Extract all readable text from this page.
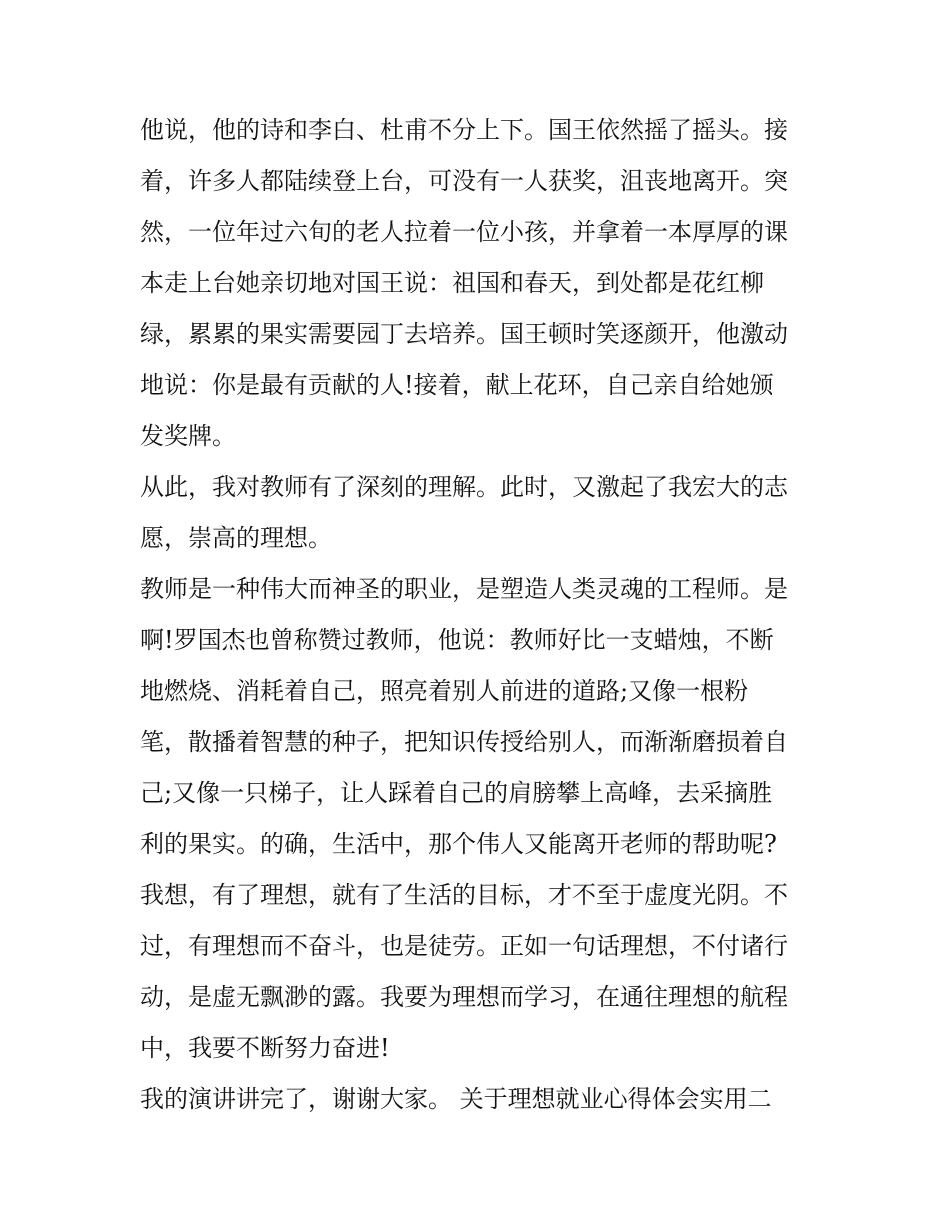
他说，他的诗和李白、杜甫不分上下。国王依然摇了摇头。接
着，许多人都陆续登上台，可没有一人获奖，沮丧地离开。突
然，一位年过六旬的老人拉着一位小孩，并拿着一本厚厚的课
本走上台她亲切地对国王说：祖国和春天，到处都是花红柳
绿，累累的果实需要园丁去培养。国王顿时笑逐颜开，他激动
地说：你是最有贡献的人!接着，献上花环，自己亲自给她颁
发奖牌。
从此，我对教师有了深刻的理解。此时，又激起了我宏大的志
愿，崇高的理想。
教师是一种伟大而神圣的职业，是塑造人类灵魂的工程师。是
啊!罗国杰也曾称赞过教师，他说：教师好比一支蜡烛，不断
地燃烧、消耗着自己，照亮着别人前进的道路;又像一根粉
笔，散播着智慧的种子，把知识传授给别人，而渐渐磨损着自
己;又像一只梯子，让人踩着自己的肩膀攀上高峰，去采摘胜
利的果实。的确，生活中，那个伟人又能离开老师的帮助呢?
我想，有了理想，就有了生活的目标，才不至于虚度光阴。不
过，有理想而不奋斗，也是徒劳。正如一句话理想，不付诸行
动，是虚无飘渺的露。我要为理想而学习，在通往理想的航程
中，我要不断努力奋进!
我的演讲讲完了，谢谢大家。 关于理想就业心得体会实用二
